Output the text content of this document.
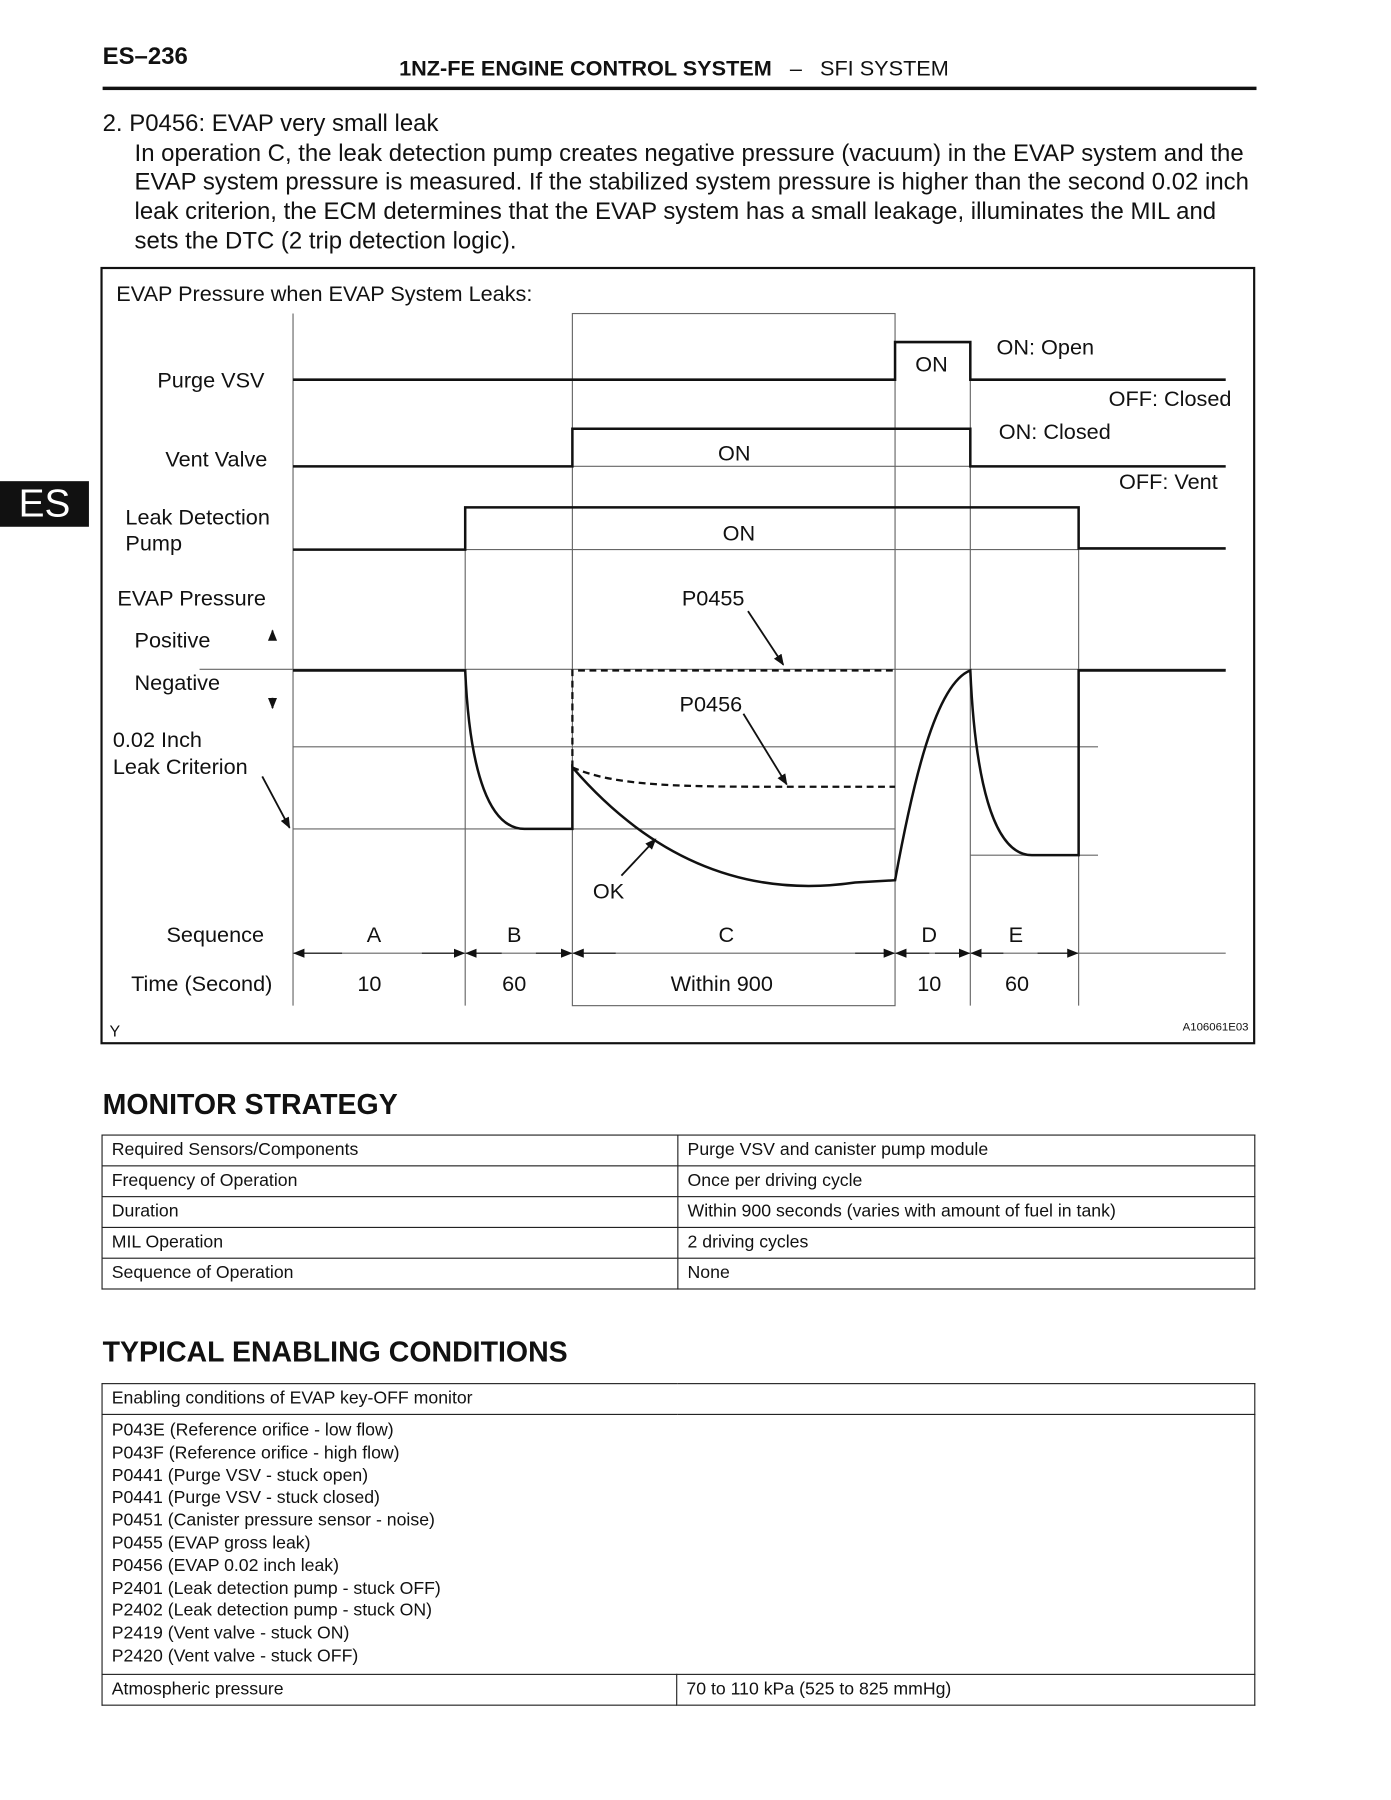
ES–236	1NZ-FE ENGINE CONTROL SYSTEM – SFI SYSTEM
ES
2. P0456: EVAP very small leak
In operation C, the leak detection pump creates negative pressure (vacuum) in the EVAP system and the EVAP system pressure is measured. If the stabilized system pressure is higher than the second 0.02 inch leak criterion, the ECM determines that the EVAP system has a small leakage, illuminates the MIL and sets the DTC (2 trip detection logic).
EVAP Pressure when EVAP System Leaks:
Purge VSV
Vent Valve
Leak Detection
Pump
EVAP Pressure
Positive
Negative
0.02 Inch
Leak Criterion
Sequence
Time (Second)
ON
ON: Open
OFF: Closed
ON
ON: Closed
OFF: Vent
ON
P0455
P0456
OK
A	B	C	D	E
10	60	Within 900	10	60
Y	A106061E03
MONITOR STRATEGY
Required Sensors/Components	Purge VSV and canister pump module
Frequency of Operation	Once per driving cycle
Duration	Within 900 seconds (varies with amount of fuel in tank)
MIL Operation	2 driving cycles
Sequence of Operation	None
TYPICAL ENABLING CONDITIONS
Enabling conditions of EVAP key-OFF monitor

P043E (Reference orifice - low flow)
P043F (Reference orifice - high flow)
P0441 (Purge VSV - stuck open)
P0441 (Purge VSV - stuck closed)
P0451 (Canister pressure sensor - noise)
P0455 (EVAP gross leak)
P0456 (EVAP 0.02 inch leak)
P2401 (Leak detection pump - stuck OFF)
P2402 (Leak detection pump - stuck ON)
P2419 (Vent valve - stuck ON)
P2420 (Vent valve - stuck OFF)

Atmospheric pressure	70 to 110 kPa (525 to 825 mmHg)
